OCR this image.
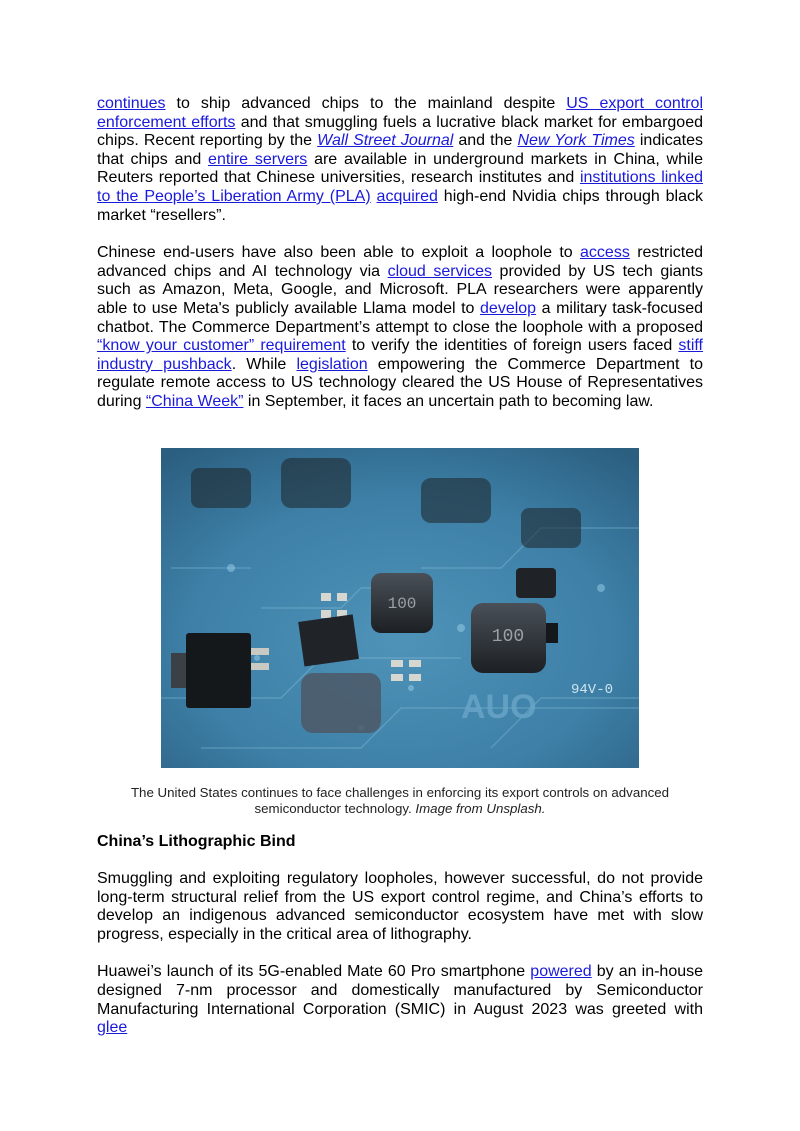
continues to ship advanced chips to the mainland despite US export control enforcement efforts and that smuggling fuels a lucrative black market for embargoed chips. Recent reporting by the Wall Street Journal and the New York Times indicates that chips and entire servers are available in underground markets in China, while Reuters reported that Chinese universities, research institutes and institutions linked to the People’s Liberation Army (PLA) acquired high-end Nvidia chips through black market “resellers”.

Chinese end-users have also been able to exploit a loophole to access restricted advanced chips and AI technology via cloud services provided by US tech giants such as Amazon, Meta, Google, and Microsoft. PLA researchers were apparently able to use Meta's publicly available Llama model to develop a military task-focused chatbot. The Commerce Department’s attempt to close the loophole with a proposed “know your customer” requirement to verify the identities of foreign users faced stiff industry pushback. While legislation empowering the Commerce Department to regulate remote access to US technology cleared the US House of Representatives during “China Week” in September, it faces an uncertain path to becoming law.

100
100
AUO 94V-0
The United States continues to face challenges in enforcing its export controls on advanced semiconductor technology. Image from Unsplash.
China’s Lithographic Bind

Smuggling and exploiting regulatory loopholes, however successful, do not provide long-term structural relief from the US export control regime, and China’s efforts to develop an indigenous advanced semiconductor ecosystem have met with slow progress, especially in the critical area of lithography.

Huawei’s launch of its 5G-enabled Mate 60 Pro smartphone powered by an in-house designed 7-nm processor and domestically manufactured by Semiconductor Manufacturing International Corporation (SMIC) in August 2023 was greeted with glee
